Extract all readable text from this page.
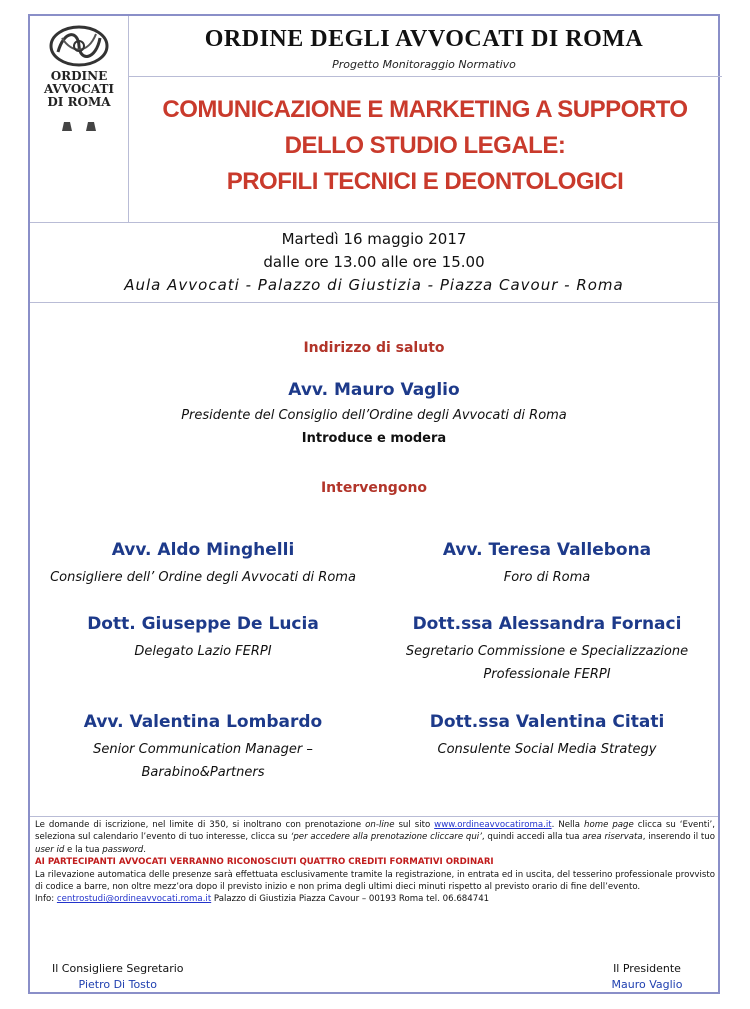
ORDINE
AVVOCATI
DI ROMA
ORDINE DEGLI AVVOCATI DI ROMA
Progetto Monitoraggio Normativo
COMUNICAZIONE E MARKETING A SUPPORTO
DELLO STUDIO LEGALE:
PROFILI TECNICI E DEONTOLOGICI
Martedì 16 maggio 2017
dalle ore 13.00 alle ore 15.00
Aula Avvocati - Palazzo di Giustizia - Piazza Cavour - Roma
Indirizzo di saluto
Avv. Mauro Vaglio
Presidente del Consiglio dell’Ordine degli Avvocati di Roma
Introduce e modera
Intervengono
Avv. Aldo Minghelli
Consigliere dell’ Ordine degli Avvocati di Roma
Avv. Teresa Vallebona
Foro di Roma
Dott. Giuseppe De Lucia
Delegato Lazio FERPI
Dott.ssa Alessandra Fornaci
Segretario Commissione e Specializzazione
Professionale FERPI
Avv. Valentina Lombardo
Senior Communication Manager –
Barabino&Partners
Dott.ssa Valentina Citati
Consulente Social Media Strategy
Le domande di iscrizione, nel limite di 350, si inoltrano con prenotazione on-line sul sito www.ordineavvocatiroma.it. Nella home page clicca su ‘Eventi’, seleziona sul calendario l’evento di tuo interesse, clicca su ‘per accedere alla prenotazione cliccare qui’, quindi accedi alla tua area riservata, inserendo il tuo user id e la tua password.
AI PARTECIPANTI AVVOCATI VERRANNO RICONOSCIUTI QUATTRO CREDITI FORMATIVI ORDINARI
La rilevazione automatica delle presenze sarà effettuata esclusivamente tramite la registrazione, in entrata ed in uscita, del tesserino professionale provvisto di codice a barre, non oltre mezz’ora dopo il previsto inizio e non prima degli ultimi dieci minuti rispetto al previsto orario di fine dell’evento.
Info: centrostudi@ordineavvocati.roma.it Palazzo di Giustizia Piazza Cavour – 00193 Roma tel. 06.684741
Il Consigliere Segretario
Pietro Di Tosto
Il Presidente
Mauro Vaglio
